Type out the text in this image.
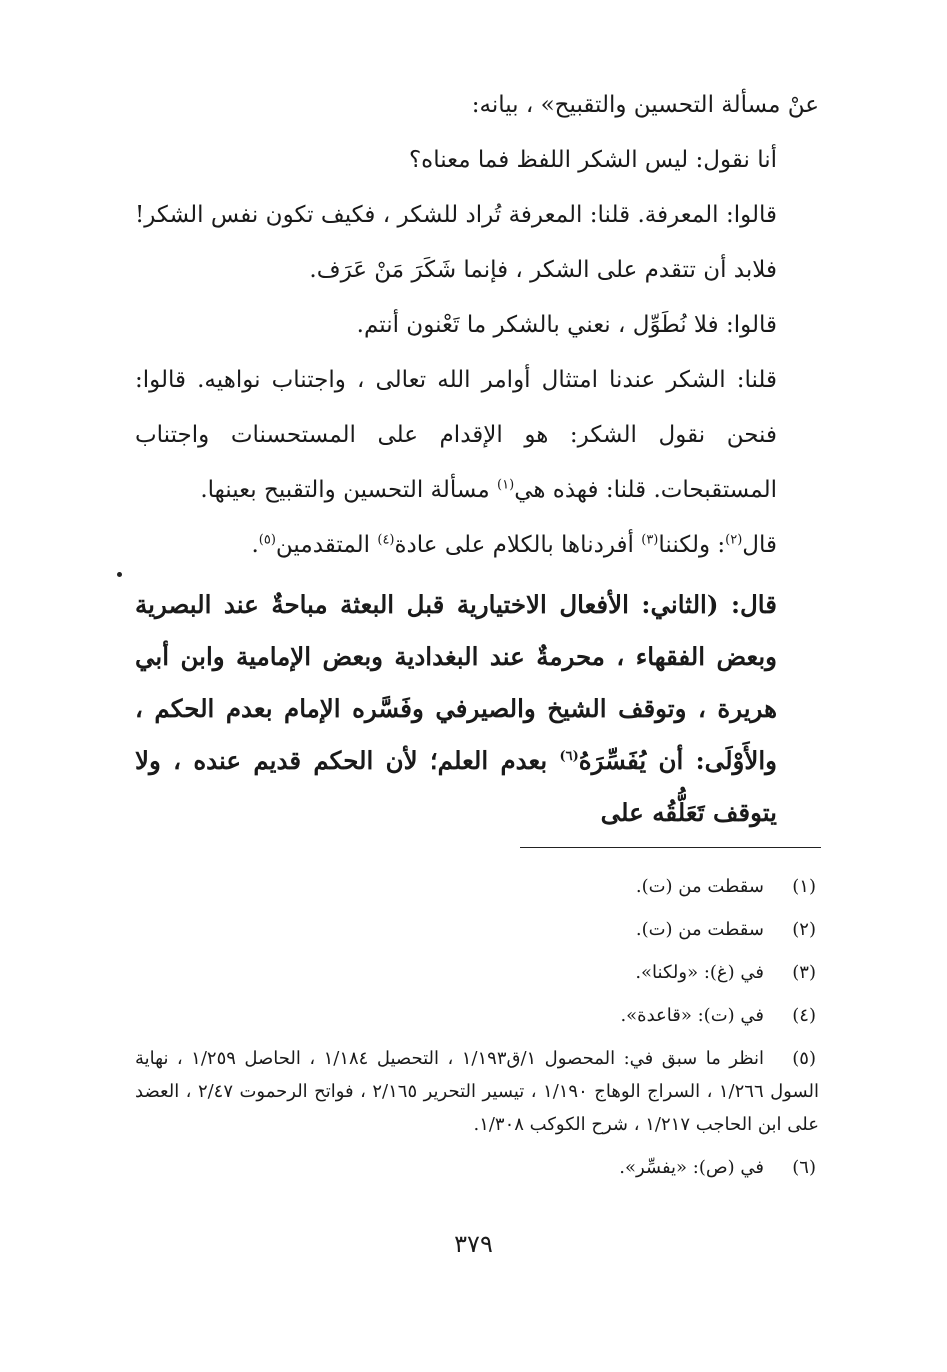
عنْ مسألة التحسين والتقبيح» ، بيانه:
أنا نقول: ليس الشكر اللفظ فما معناه؟
قالوا: المعرفة. قلنا: المعرفة تُراد للشكر ، فكيف تكون نفس الشكر! فلابد أن تتقدم على الشكر ، فإنما شَكَرَ مَنْ عَرَف.
قالوا: فلا نُطَوِّل ، نعني بالشكر ما تَعْنون أنتم.
قلنا: الشكر عندنا امتثال أوامر الله تعالى ، واجتناب نواهيه. قالوا: فنحن نقول الشكر: هو الإقدام على المستحسنات واجتناب المستقبحات. قلنا: فهذه هي$^{(١)}$ مسألة التحسين والتقبيح بعينها.
قال$^{(٢)}$: ولكننا$^{(٣)}$ أفردناها بالكلام على عادة$^{(٤)}$ المتقدمين$^{(٥)}$.
قال: (الثاني: الأفعال الاختيارية قبل البعثة مباحةٌ عند البصرية وبعض الفقهاء ، محرمةٌ عند البغدادية وبعض الإمامية وابن أبي هريرة ، وتوقف الشيخ والصيرفي وفَسَّره الإمام بعدم الحكم ، والأَوْلَى: أن يُفَسِّرَهُ$^{(٦)}$ بعدم العلم؛ لأن الحكم قديم عنده ، ولا يتوقف تَعَلُّقُه على

(١)سقطت من (ت).

(٢)سقطت من (ت).

(٣)في (غ): «ولكنا».

(٤)في (ت): «قاعدة».

(٥)انظر ما سبق في: المحصول ١/ق١/١٩٣ ، التحصيل ١/١٨٤ ، الحاصل ١/٢٥٩ ، نهاية السول ١/٢٦٦ ، السراج الوهاج ١/١٩٠ ، تيسير التحرير ٢/١٦٥ ، فواتح الرحموت ٢/٤٧ ، العضد على ابن الحاجب ١/٢١٧ ، شرح الكوكب ١/٣٠٨.

(٦)في (ص): «يفسِّر».

٣٧٩
